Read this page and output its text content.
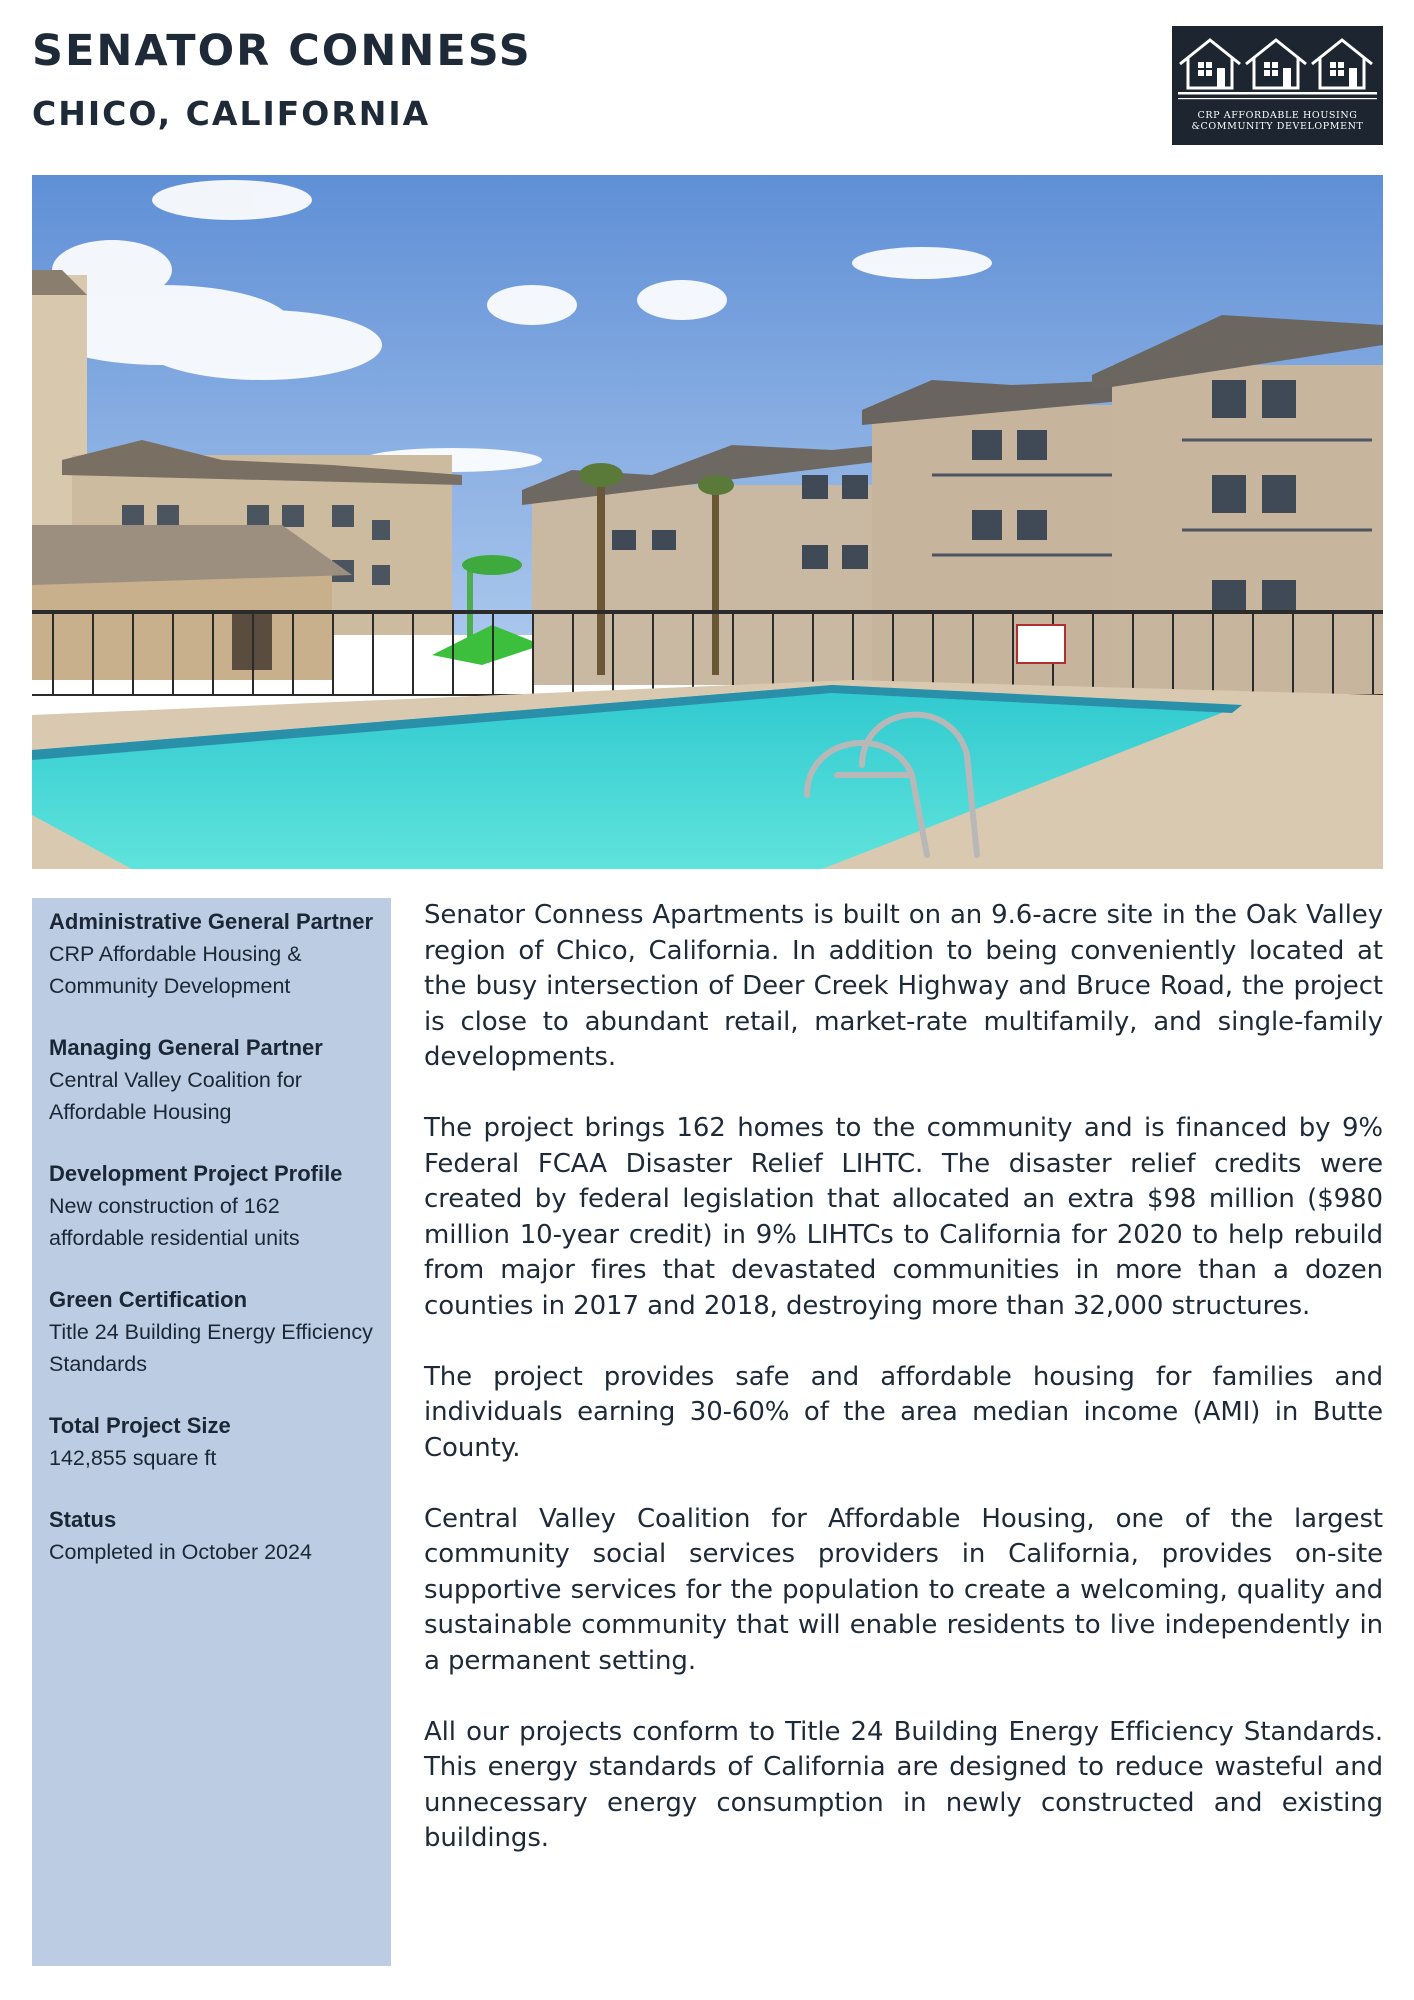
SENATOR CONNESS
CHICO, CALIFORNIA	CRP AFFORDABLE HOUSING
&COMMUNITY DEVELOPMENT
Administrative General Partner
CRP Affordable Housing & Community Development
Managing General Partner
Central Valley Coalition for Affordable Housing
Development Project Profile
New construction of 162 affordable residential units
Green Certification
Title 24 Building Energy Efficiency Standards
Total Project Size
142,855 square ft
Status
Completed in October 2024

Senator Conness Apartments is built on an 9.6-acre site in the Oak Valley region of Chico, California. In addition to being conveniently located at the busy intersection of Deer Creek Highway and Bruce Road, the project is close to abundant retail, market-rate multifamily, and single-family developments.

The project brings 162 homes to the community and is financed by 9% Federal FCAA Disaster Relief LIHTC. The disaster relief credits were created by federal legislation that allocated an extra $98 million ($980 million 10-year credit) in 9% LIHTCs to California for 2020 to help rebuild from major fires that devastated communities in more than a dozen counties in 2017 and 2018, destroying more than 32,000 structures.

The project provides safe and affordable housing for families and individuals earning 30-60% of the area median income (AMI) in Butte County.

Central Valley Coalition for Affordable Housing, one of the largest community social services providers in California, provides on-site supportive services for the population to create a welcoming, quality and sustainable community that will enable residents to live independently in a permanent setting.

All our projects conform to Title 24 Building Energy Efficiency Standards. This energy standards of California are designed to reduce wasteful and unnecessary energy consumption in newly constructed and existing buildings.
